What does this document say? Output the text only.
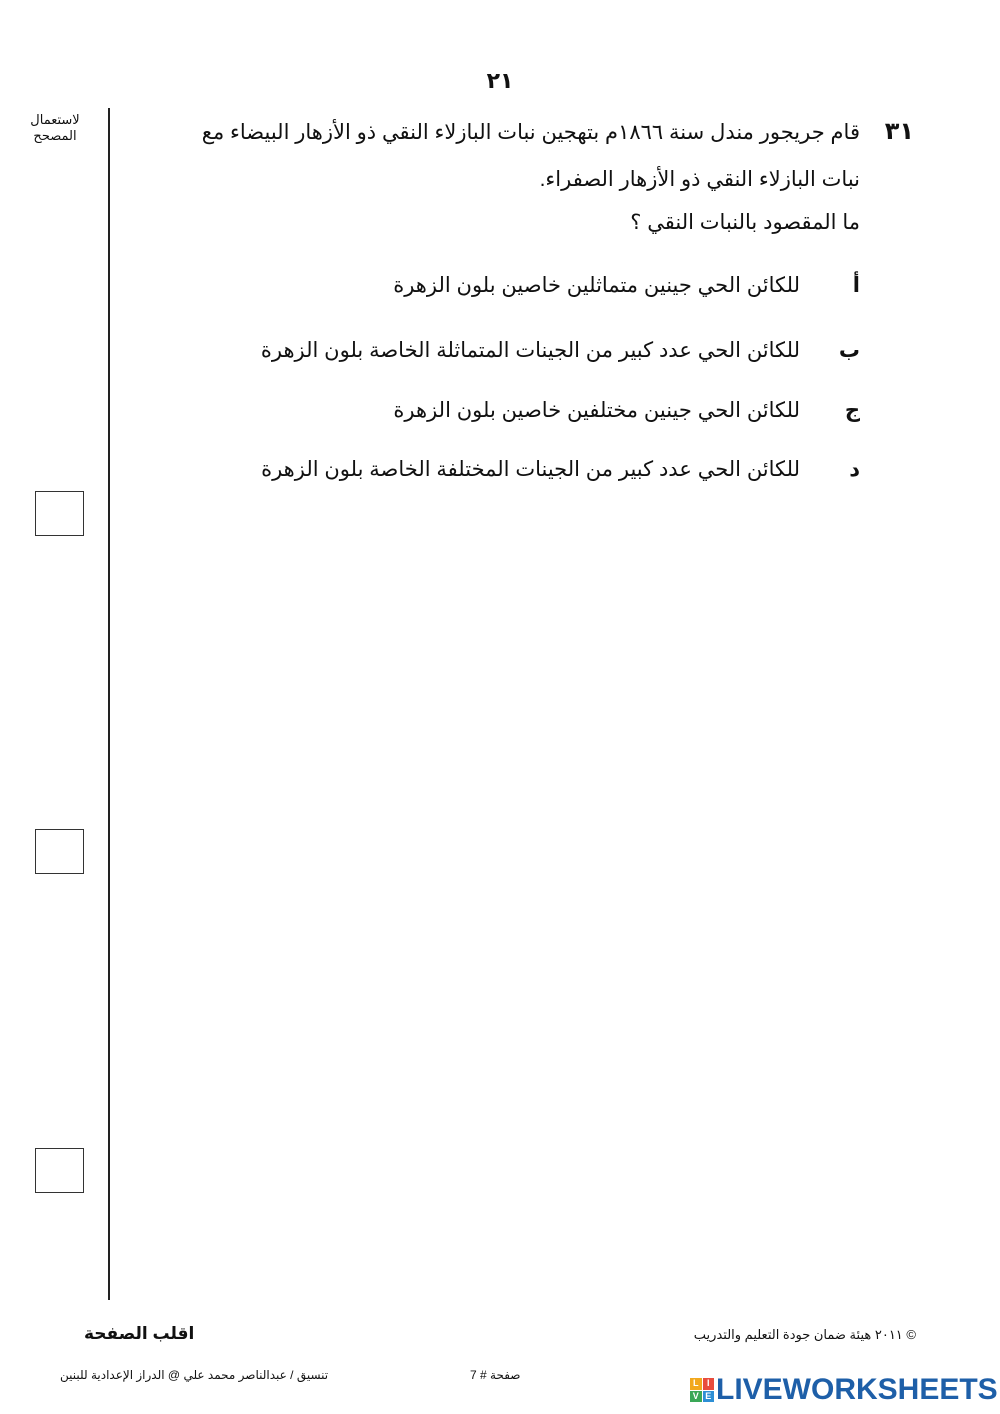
٢١
لاستعمال
المصحح	٣١
قام جريجور مندل سنة ١٨٦٦م بتهجين نبات البازلاء النقي ذو الأزهار البيضاء مع
نبات البازلاء النقي ذو الأزهار الصفراء.
ما المقصود بالنبات النقي ؟
أ
للكائن الحي جينين متماثلين خاصين بلون الزهرة
ب
للكائن الحي عدد كبير من الجينات المتماثلة الخاصة بلون الزهرة
ج
للكائن الحي جينين مختلفين خاصين بلون الزهرة
د
للكائن الحي عدد كبير من الجينات المختلفة الخاصة بلون الزهرة
اقلب الصفحة	© ٢٠١١ هيئة ضمان جودة التعليم والتدريب
تنسيق / عبدالناصر محمد علي @ الدراز الإعدادية للبنين	صفحة # 7
L I
V E LIVEWORKSHEETS
